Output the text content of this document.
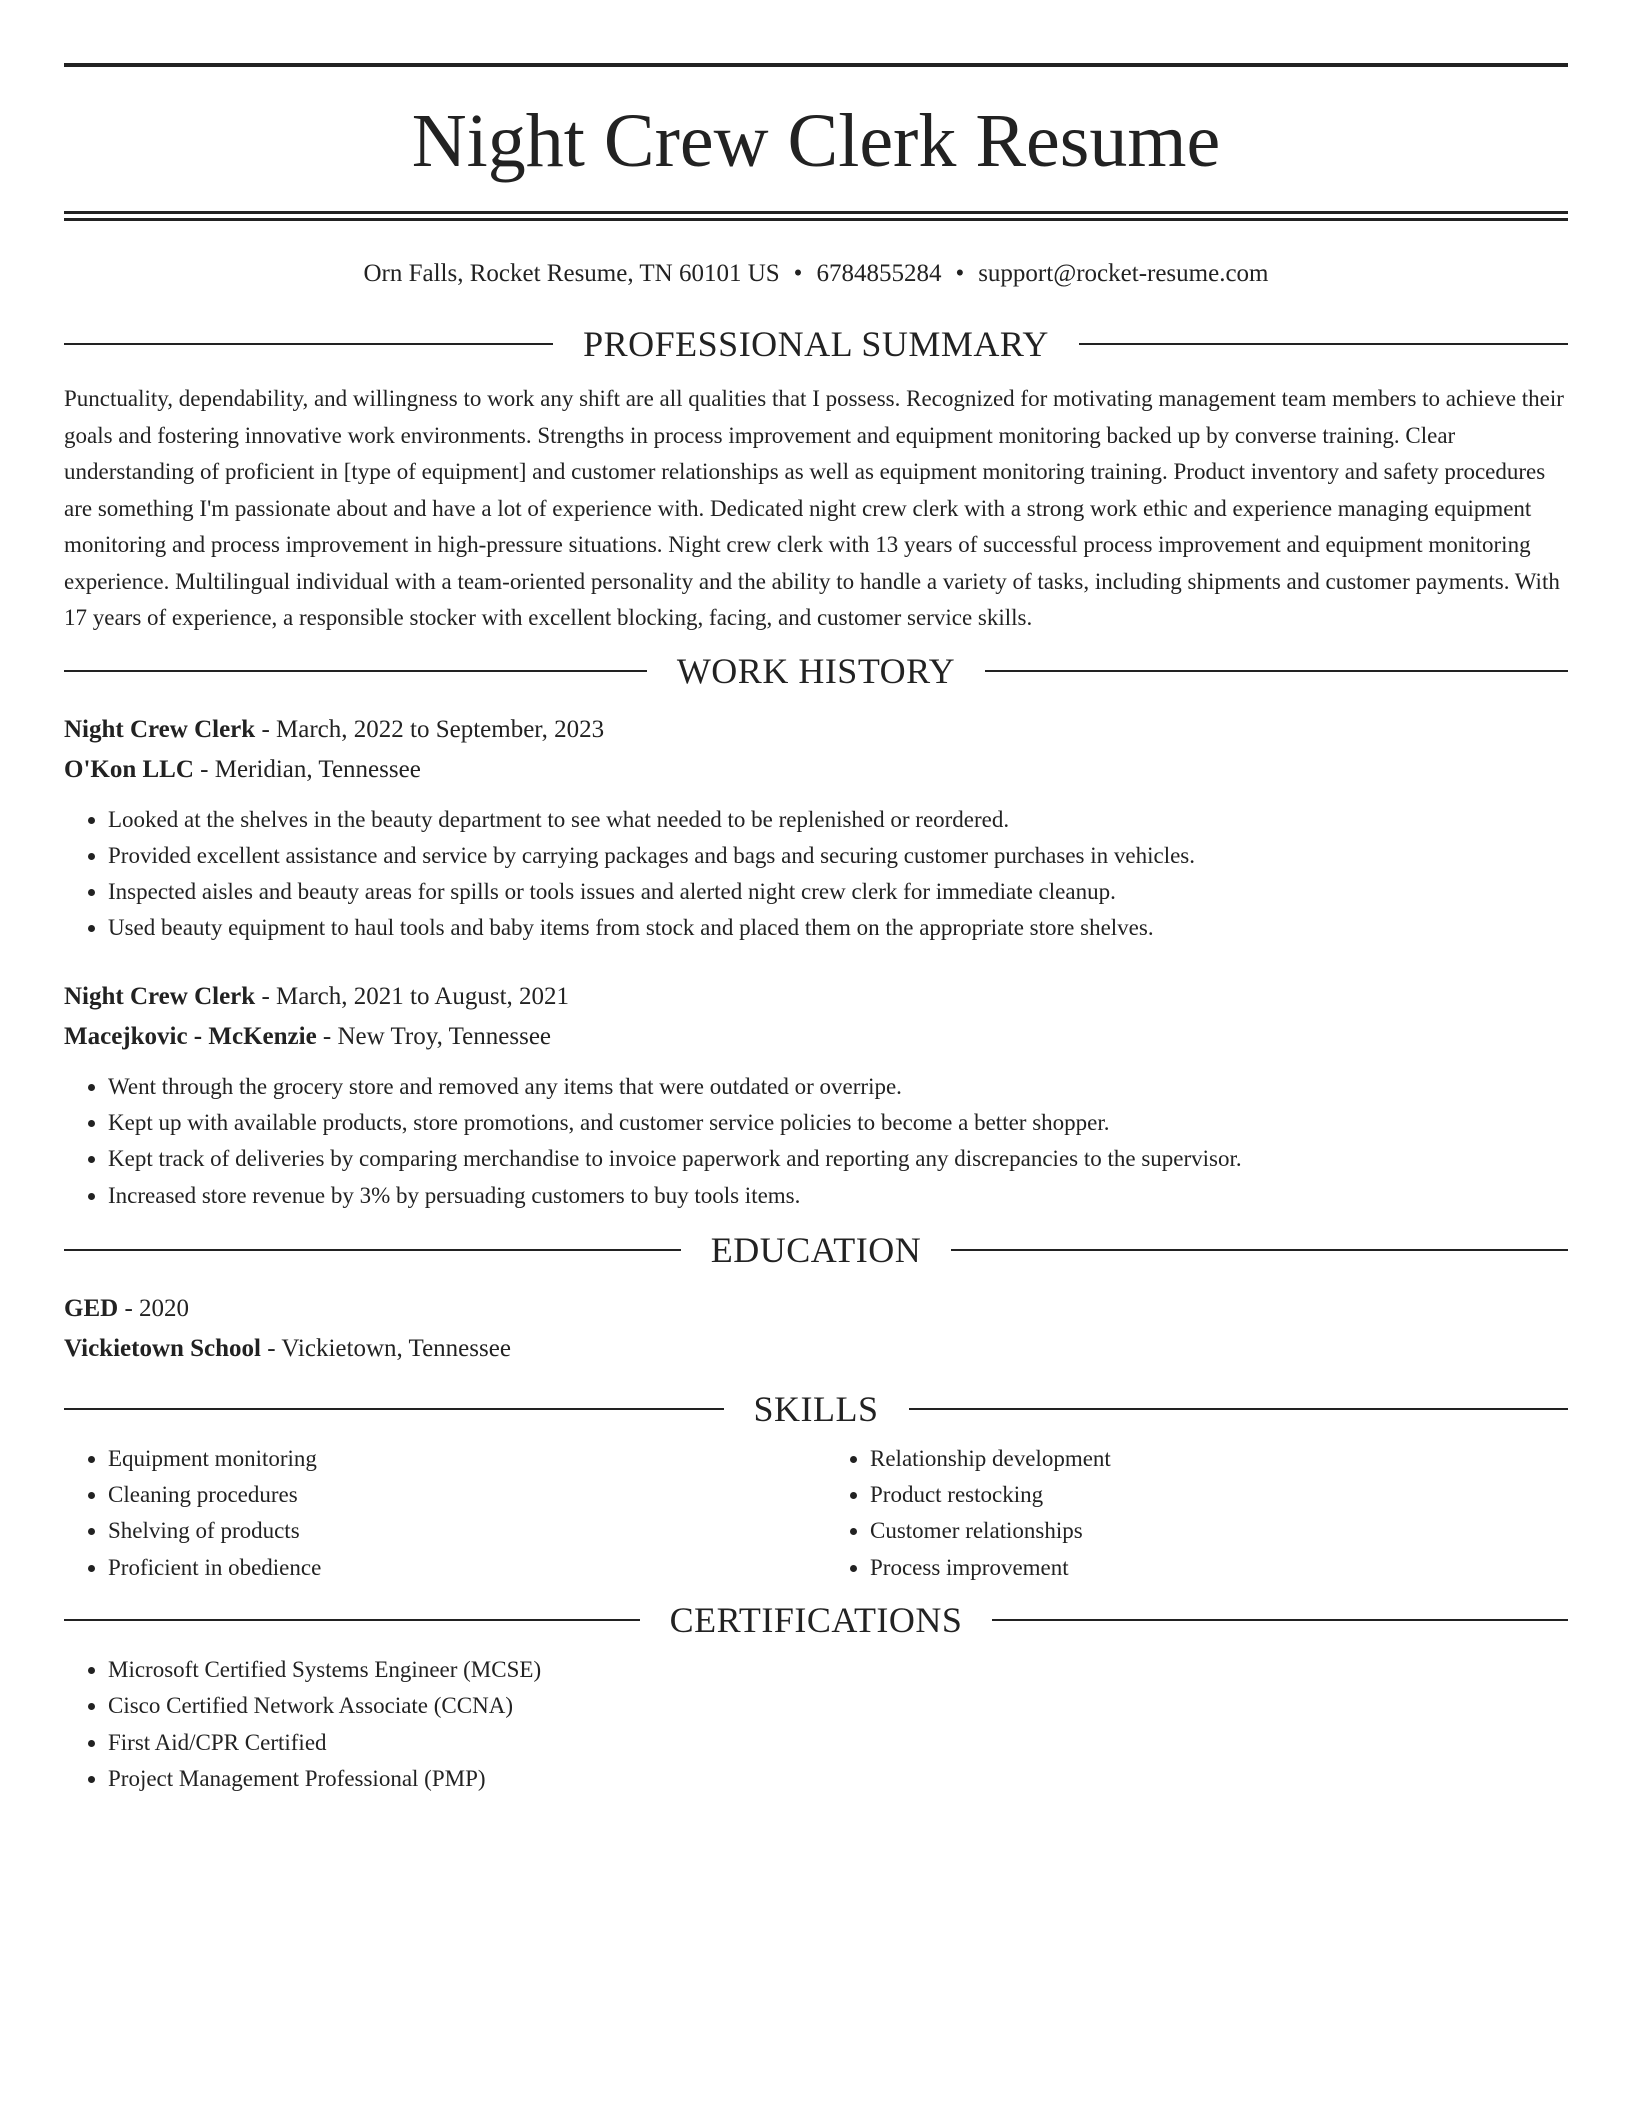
Night Crew Clerk Resume
Orn Falls, Rocket Resume, TN 60101 US • 6784855284 • support@rocket-resume.com
PROFESSIONAL SUMMARY

Punctuality, dependability, and willingness to work any shift are all qualities that I possess. Recognized for motivating management team members to achieve their goals and fostering innovative work environments. Strengths in process improvement and equipment monitoring backed up by converse training. Clear understanding of proficient in [type of equipment] and customer relationships as well as equipment monitoring training. Product inventory and safety procedures are something I'm passionate about and have a lot of experience with. Dedicated night crew clerk with a strong work ethic and experience managing equipment monitoring and process improvement in high-pressure situations. Night crew clerk with 13 years of successful process improvement and equipment monitoring experience. Multilingual individual with a team-oriented personality and the ability to handle a variety of tasks, including shipments and customer payments. With 17 years of experience, a responsible stocker with excellent blocking, facing, and customer service skills.

WORK HISTORY
Night Crew Clerk - March, 2022 to September, 2023
O'Kon LLC - Meridian, Tennessee
• Looked at the shelves in the beauty department to see what needed to be replenished or reordered.
• Provided excellent assistance and service by carrying packages and bags and securing customer purchases in vehicles.
• Inspected aisles and beauty areas for spills or tools issues and alerted night crew clerk for immediate cleanup.
• Used beauty equipment to haul tools and baby items from stock and placed them on the appropriate store shelves.
Night Crew Clerk - March, 2021 to August, 2021
Macejkovic - McKenzie - New Troy, Tennessee
• Went through the grocery store and removed any items that were outdated or overripe.
• Kept up with available products, store promotions, and customer service policies to become a better shopper.
• Kept track of deliveries by comparing merchandise to invoice paperwork and reporting any discrepancies to the supervisor.
• Increased store revenue by 3% by persuading customers to buy tools items.
EDUCATION
GED - 2020
Vickietown School - Vickietown, Tennessee
SKILLS
• Equipment monitoring
• Cleaning procedures
• Shelving of products
• Proficient in obedience
• Relationship development
• Product restocking
• Customer relationships
• Process improvement
CERTIFICATIONS
• Microsoft Certified Systems Engineer (MCSE)
• Cisco Certified Network Associate (CCNA)
• First Aid/CPR Certified
• Project Management Professional (PMP)
